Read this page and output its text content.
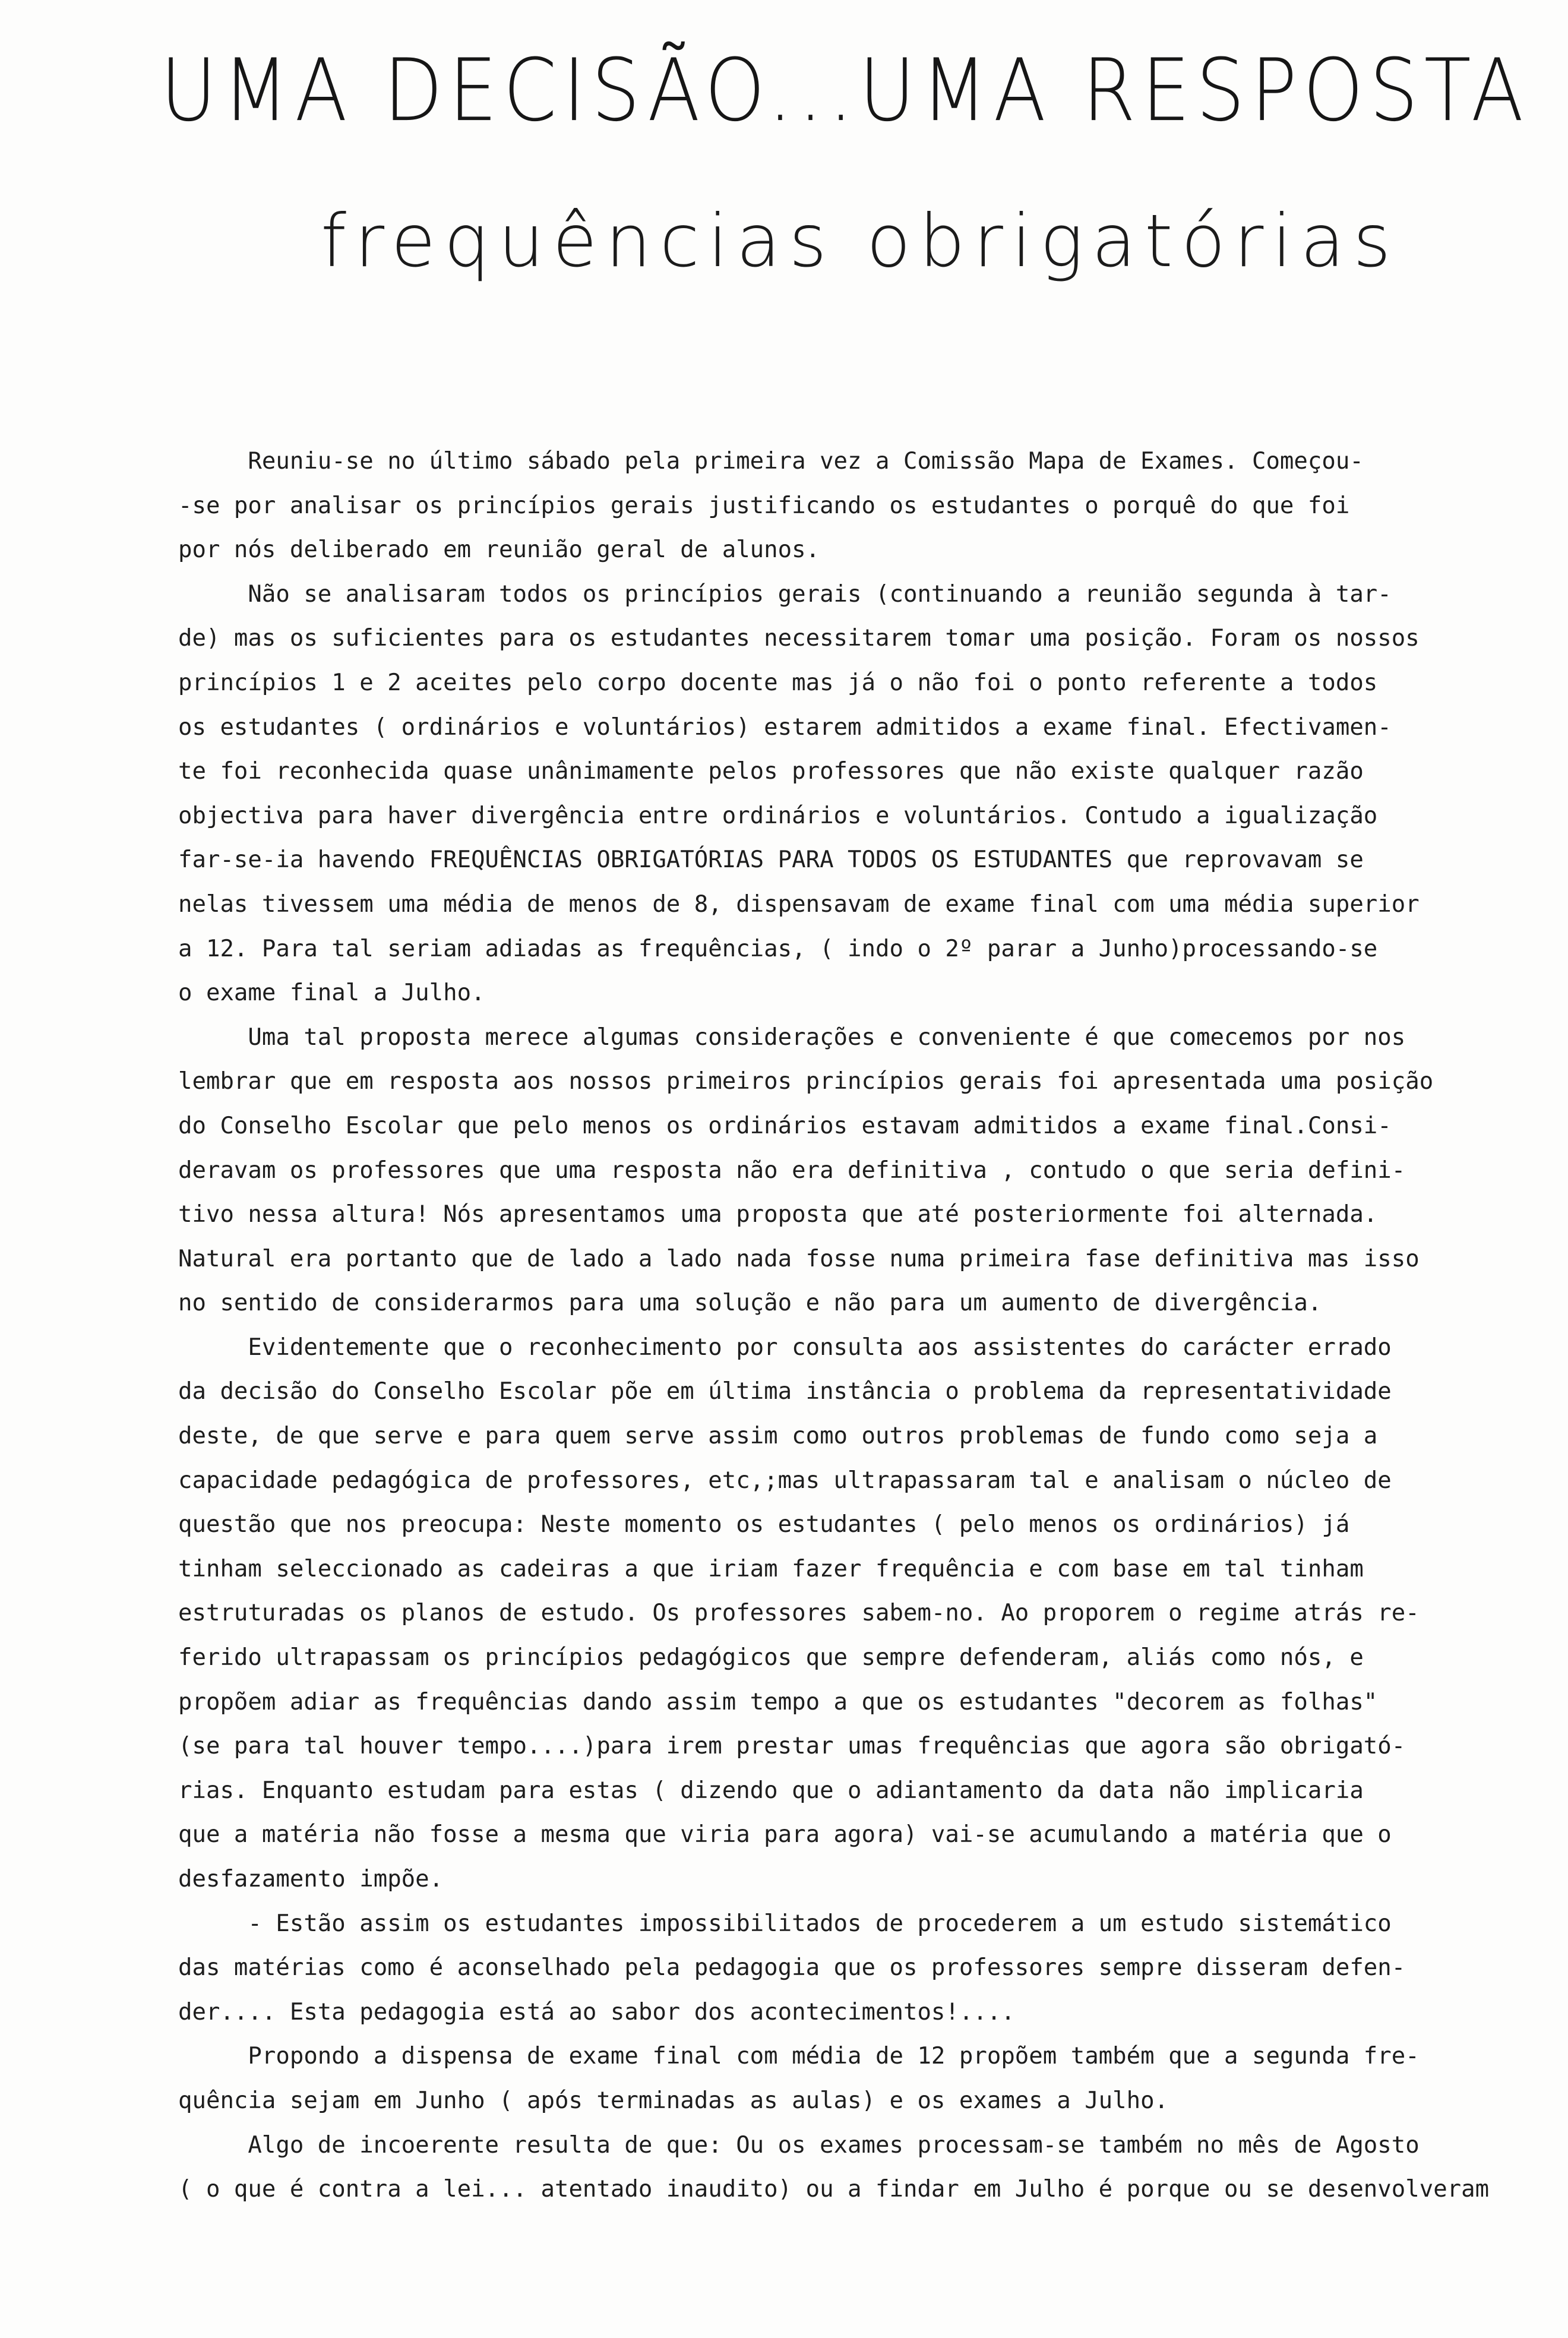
UMA DECISÃO...UMA RESPOSTA
frequências obrigatórias

Reuniu-se no último sábado pela primeira vez a Comissão Mapa de Exames. Começou-

-se por analisar os princípios gerais justificando os estudantes o porquê do que foi

por nós deliberado em reunião geral de alunos.

Não se analisaram todos os princípios gerais (continuando a reunião segunda à tar-

de) mas os suficientes para os estudantes necessitarem tomar uma posição. Foram os nossos

princípios 1 e 2 aceites pelo corpo docente mas já o não foi o ponto referente a todos

os estudantes ( ordinários e voluntários) estarem admitidos a exame final. Efectivamen-

te foi reconhecida quase unânimamente pelos professores que não existe qualquer razão

objectiva para haver divergência entre ordinários e voluntários. Contudo a igualização

far-se-ia havendo FREQUÊNCIAS OBRIGATÓRIAS PARA TODOS OS ESTUDANTES que reprovavam se

nelas tivessem uma média de menos de 8, dispensavam de exame final com uma média superior

a 12. Para tal seriam adiadas as frequências, ( indo o 2º parar a Junho)processando-se

o exame final a Julho.

Uma tal proposta merece algumas considerações e conveniente é que comecemos por nos

lembrar que em resposta aos nossos primeiros princípios gerais foi apresentada uma posição

do Conselho Escolar que pelo menos os ordinários estavam admitidos a exame final.Consi-

deravam os professores que uma resposta não era definitiva , contudo o que seria defini-

tivo nessa altura! Nós apresentamos uma proposta que até posteriormente foi alternada.

Natural era portanto que de lado a lado nada fosse numa primeira fase definitiva mas isso

no sentido de considerarmos para uma solução e não para um aumento de divergência.

Evidentemente que o reconhecimento por consulta aos assistentes do carácter errado

da decisão do Conselho Escolar põe em última instância o problema da representatividade

deste, de que serve e para quem serve assim como outros problemas de fundo como seja a

capacidade pedagógica de professores, etc,;mas ultrapassaram tal e analisam o núcleo de

questão que nos preocupa: Neste momento os estudantes ( pelo menos os ordinários) já

tinham seleccionado as cadeiras a que iriam fazer frequência e com base em tal tinham

estruturadas os planos de estudo. Os professores sabem-no. Ao proporem o regime atrás re-

ferido ultrapassam os princípios pedagógicos que sempre defenderam, aliás como nós, e

propõem adiar as frequências dando assim tempo a que os estudantes "decorem as folhas"

(se para tal houver tempo....)para irem prestar umas frequências que agora são obrigató-

rias. Enquanto estudam para estas ( dizendo que o adiantamento da data não implicaria

que a matéria não fosse a mesma que viria para agora) vai-se acumulando a matéria que o

desfazamento impõe.

- Estão assim os estudantes impossibilitados de procederem a um estudo sistemático

das matérias como é aconselhado pela pedagogia que os professores sempre disseram defen-

der.... Esta pedagogia está ao sabor dos acontecimentos!....

Propondo a dispensa de exame final com média de 12 propõem também que a segunda fre-

quência sejam em Junho ( após terminadas as aulas) e os exames a Julho.

Algo de incoerente resulta de que: Ou os exames processam-se também no mês de Agosto

( o que é contra a lei... atentado inaudito) ou a findar em Julho é porque ou se desenvolveram
